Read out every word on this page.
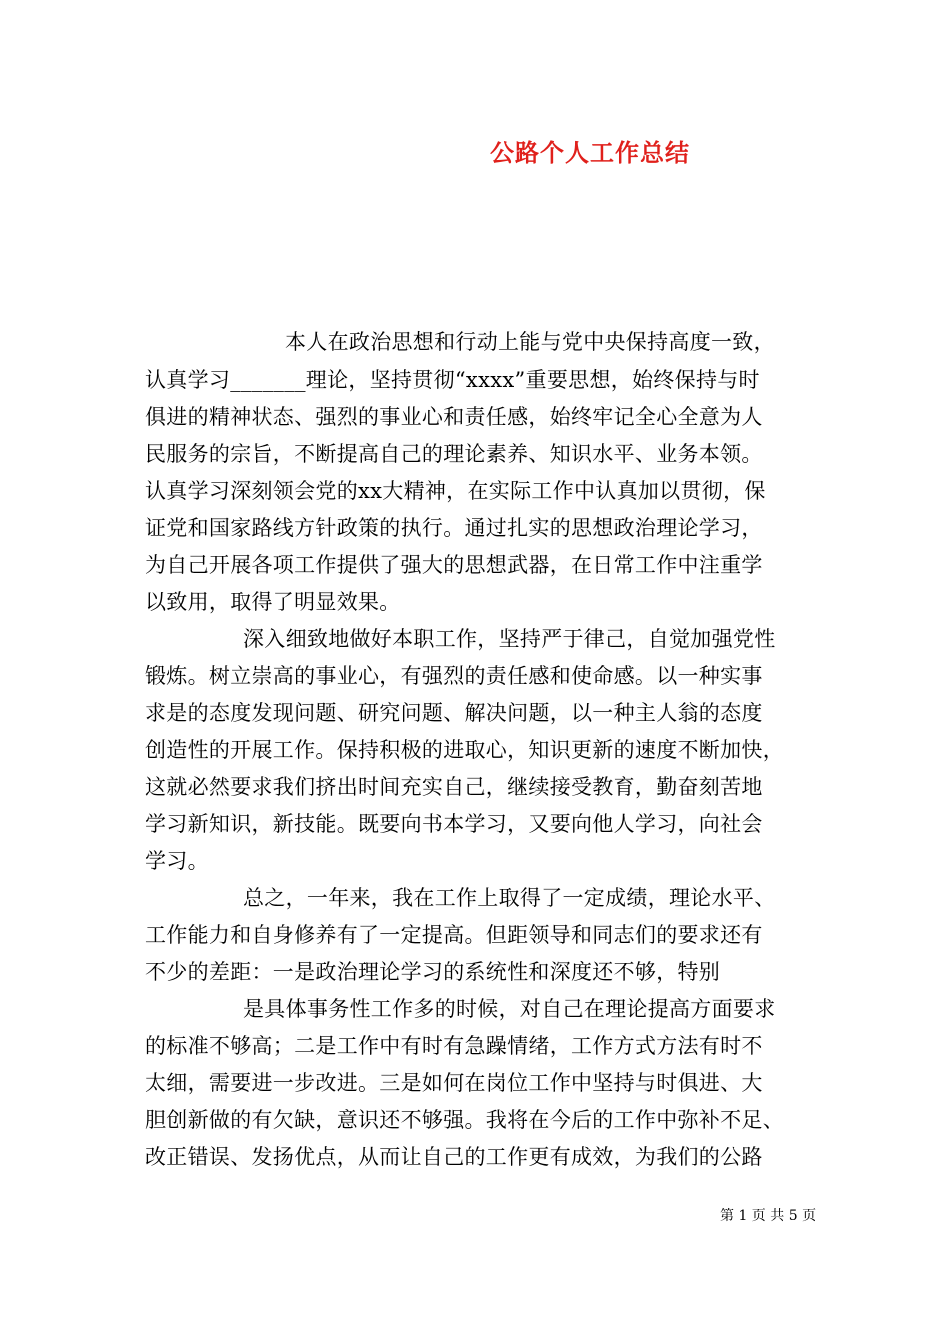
公路个人工作总结
本人在政治思想和行动上能与党中央保持高度一致，
认真学习_______理论，坚持贯彻“xxxx”重要思想，始终保持与时
俱进的精神状态、强烈的事业心和责任感，始终牢记全心全意为人
民服务的宗旨，不断提高自己的理论素养、知识水平、业务本领。
认真学习深刻领会党的xx大精神，在实际工作中认真加以贯彻，保
证党和国家路线方针政策的执行。通过扎实的思想政治理论学习，
为自己开展各项工作提供了强大的思想武器，在日常工作中注重学
以致用，取得了明显效果。
深入细致地做好本职工作，坚持严于律己，自觉加强党性
锻炼。树立崇高的事业心，有强烈的责任感和使命感。以一种实事
求是的态度发现问题、研究问题、解决问题，以一种主人翁的态度
创造性的开展工作。保持积极的进取心，知识更新的速度不断加快，
这就必然要求我们挤出时间充实自己，继续接受教育，勤奋刻苦地
学习新知识，新技能。既要向书本学习，又要向他人学习，向社会
学习。
总之，一年来，我在工作上取得了一定成绩，理论水平、
工作能力和自身修养有了一定提高。但距领导和同志们的要求还有
不少的差距：一是政治理论学习的系统性和深度还不够，特别
是具体事务性工作多的时候，对自己在理论提高方面要求
的标准不够高；二是工作中有时有急躁情绪，工作方式方法有时不
太细，需要进一步改进。三是如何在岗位工作中坚持与时俱进、大
胆创新做的有欠缺，意识还不够强。我将在今后的工作中弥补不足、
改正错误、发扬优点，从而让自己的工作更有成效，为我们的公路
第 1 页 共 5 页
